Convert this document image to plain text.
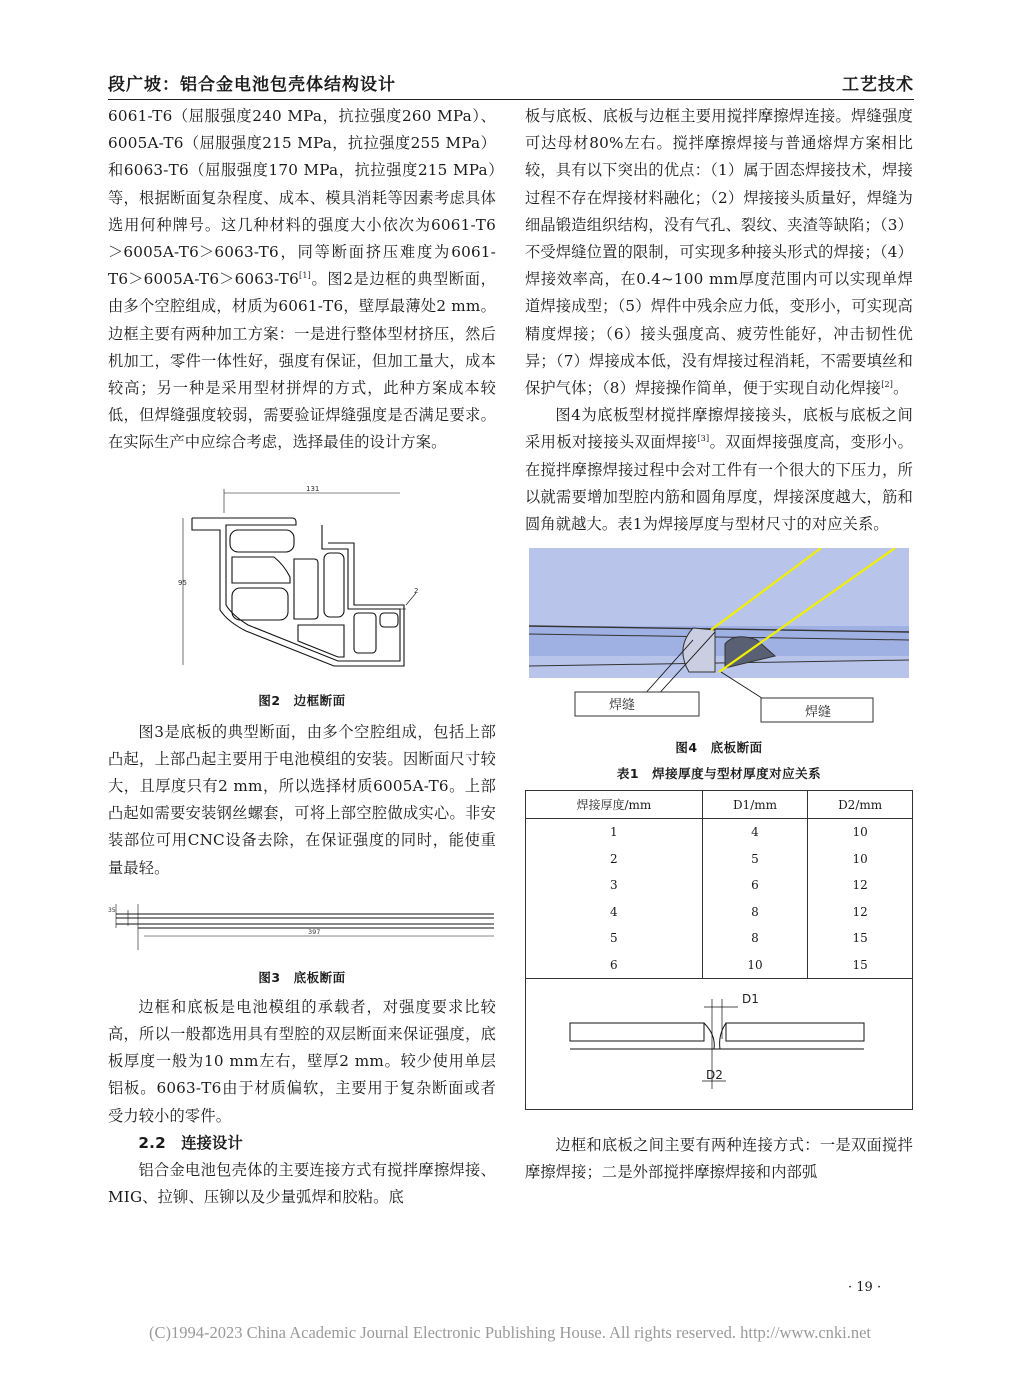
段广坡：铝合金电池包壳体结构设计	工艺技术

6061-T6（屈服强度240 MPa，抗拉强度260 MPa）、6005A-T6（屈服强度215 MPa，抗拉强度255 MPa）和6063-T6（屈服强度170 MPa，抗拉强度215 MPa）等，根据断面复杂程度、成本、模具消耗等因素考虑具体选用何种牌号。这几种材料的强度大小依次为6061-T6＞6005A-T6＞6063-T6，同等断面挤压难度为6061-T6＞6005A-T6＞6063-T6[1]。图2是边框的典型断面，由多个空腔组成，材质为6061-T6，壁厚最薄处2 mm。边框主要有两种加工方案：一是进行整体型材挤压，然后机加工，零件一体性好，强度有保证，但加工量大，成本较高；另一种是采用型材拼焊的方式，此种方案成本较低，但焊缝强度较弱，需要验证焊缝强度是否满足要求。在实际生产中应综合考虑，选择最佳的设计方案。

131
95
2
图2　边框断面

图3是底板的典型断面，由多个空腔组成，包括上部凸起，上部凸起主要用于电池模组的安装。因断面尺寸较大，且厚度只有2 mm，所以选择材质6005A-T6。上部凸起如需要安装钢丝螺套，可将上部空腔做成实心。非安装部位可用CNC设备去除，在保证强度的同时，能使重量最轻。

397
35
图3　底板断面

边框和底板是电池模组的承载者，对强度要求比较高，所以一般都选用具有型腔的双层断面来保证强度，底板厚度一般为10 mm左右，壁厚2 mm。较少使用单层铝板。6063-T6由于材质偏软，主要用于复杂断面或者受力较小的零件。

2.2　连接设计

铝合金电池包壳体的主要连接方式有搅拌摩擦焊接、MIG、拉铆、压铆以及少量弧焊和胶粘。底

板与底板、底板与边框主要用搅拌摩擦焊连接。焊缝强度可达母材80%左右。搅拌摩擦焊接与普通熔焊方案相比较，具有以下突出的优点：（1）属于固态焊接技术，焊接过程不存在焊接材料融化；（2）焊接接头质量好，焊缝为细晶锻造组织结构，没有气孔、裂纹、夹渣等缺陷；（3）不受焊缝位置的限制，可实现多种接头形式的焊接；（4）焊接效率高，在0.4~100 mm厚度范围内可以实现单焊道焊接成型；（5）焊件中残余应力低，变形小，可实现高精度焊接；（6）接头强度高、疲劳性能好，冲击韧性优异；（7）焊接成本低，没有焊接过程消耗，不需要填丝和保护气体；（8）焊接操作简单，便于实现自动化焊接[2]。

图4为底板型材搅拌摩擦焊接接头，底板与底板之间采用板对接接头双面焊接[3]。双面焊接强度高，变形小。在搅拌摩擦焊接过程中会对工件有一个很大的下压力，所以就需要增加型腔内筋和圆角厚度，焊接深度越大，筋和圆角就越大。表1为焊接厚度与型材尺寸的对应关系。

焊缝	焊缝
图4　底板断面
表1　焊接厚度与型材厚度对应关系
焊接厚度/mm	D1/mm	D2/mm
1	4	10
2	5	10
3	6	12
4	8	12
5	8	15
6	10	15
D1
D2

边框和底板之间主要有两种连接方式：一是双面搅拌摩擦焊接；二是外部搅拌摩擦焊接和内部弧

· 19 ·
(C)1994-2023 China Academic Journal Electronic Publishing House. All rights reserved. http://www.cnki.net
